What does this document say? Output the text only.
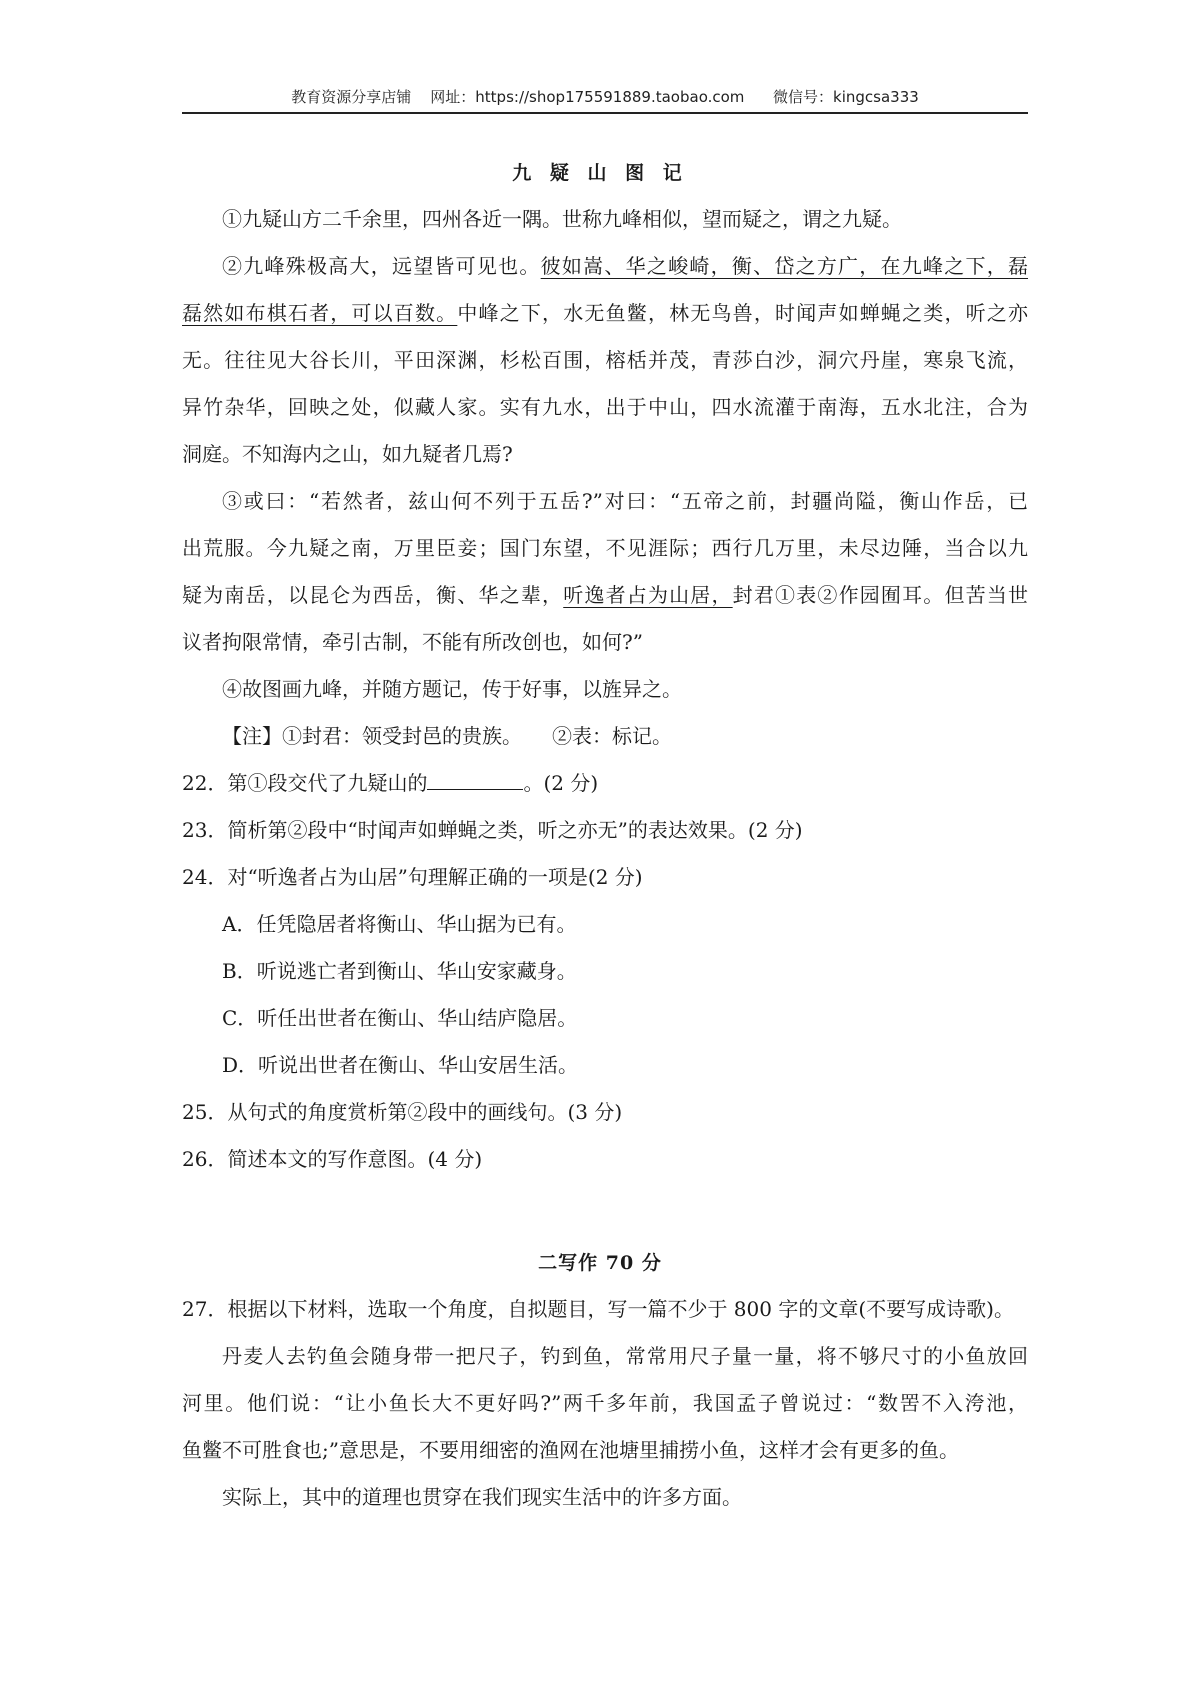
教育资源分享店铺 网址：https://shop175591889.taobao.com 微信号：kingcsa333
九 疑 山 图 记
①九疑山方二千余里，四州各近一隅。世称九峰相似，望而疑之，谓之九疑。
②九峰殊极高大，远望皆可见也。彼如嵩、华之峻崎，衡、岱之方广，在九峰之下，磊
磊然如布棋石者，可以百数。中峰之下，水无鱼鳖，林无鸟兽，时闻声如蝉蝇之类，听之亦
无。往往见大谷长川，平田深渊，杉松百围，榕栝并茂，青莎白沙，洞穴丹崖，寒泉飞流，
异竹杂华，回映之处，似藏人家。实有九水，出于中山，四水流灌于南海，五水北注，合为
洞庭。不知海内之山，如九疑者几焉?
③或曰：“若然者，兹山何不列于五岳?”对曰：“五帝之前，封疆尚隘，衡山作岳，已
出荒服。今九疑之南，万里臣妾；国门东望，不见涯际；西行几万里，未尽边陲，当合以九
疑为南岳，以昆仑为西岳，衡、华之辈，听逸者占为山居，封君①表②作园囿耳。但苦当世
议者拘限常情，牵引古制，不能有所改创也，如何?”
④故图画九峰，并随方题记，传于好事，以旌异之。
【注】①封君：领受封邑的贵族。　　②表：标记。
22．第①段交代了九疑山的	。(2 分)
23．简析第②段中“时闻声如蝉蝇之类，听之亦无”的表达效果。(2 分)
24．对“听逸者占为山居”句理解正确的一项是(2 分)
A．任凭隐居者将衡山、华山据为已有。
B．听说逃亡者到衡山、华山安家藏身。
C．听任出世者在衡山、华山结庐隐居。
D．听说出世者在衡山、华山安居生活。
25．从句式的角度赏析第②段中的画线句。(3 分)
26．简述本文的写作意图。(4 分)
二写作 70 分
27．根据以下材料，选取一个角度，自拟题目，写一篇不少于 800 字的文章(不要写成诗歌)。
丹麦人去钓鱼会随身带一把尺子，钓到鱼，常常用尺子量一量，将不够尺寸的小鱼放回
河里。他们说：“让小鱼长大不更好吗?”两千多年前，我国孟子曾说过：“数罟不入洿池，
鱼鳖不可胜食也;”意思是，不要用细密的渔网在池塘里捕捞小鱼，这样才会有更多的鱼。
实际上，其中的道理也贯穿在我们现实生活中的许多方面。
